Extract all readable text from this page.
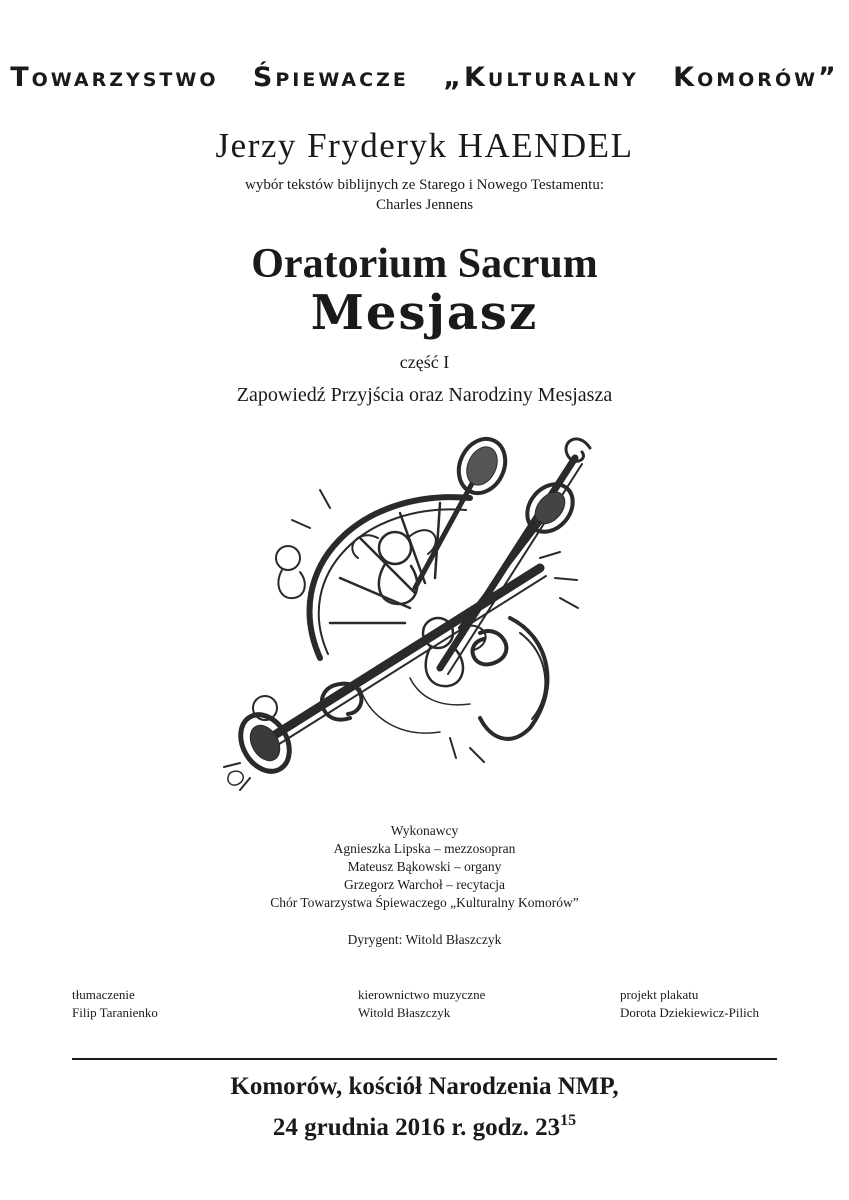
Towarzystwo Śpiewacze „Kulturalny Komorów”
Jerzy Fryderyk HAENDEL
wybór tekstów biblijnych ze Starego i Nowego Testamentu:
Charles Jennens
Oratorium Sacrum
Mesjasz
część I
Zapowiedź Przyjścia oraz Narodziny Mesjasza
Wykonawcy
Agnieszka Lipska – mezzosopran
Mateusz Bąkowski – organy
Grzegorz Warchoł – recytacja
Chór Towarzystwa Śpiewaczego „Kulturalny Komorów”
Dyrygent: Witold Błaszczyk
tłumaczenie
Filip Taranienko
kierownictwo muzyczne
Witold Błaszczyk
projekt plakatu
Dorota Dziekiewicz-Pilich
Komorów, kościół Narodzenia NMP,
24 grudnia 2016 r. godz. $23^{15}$
